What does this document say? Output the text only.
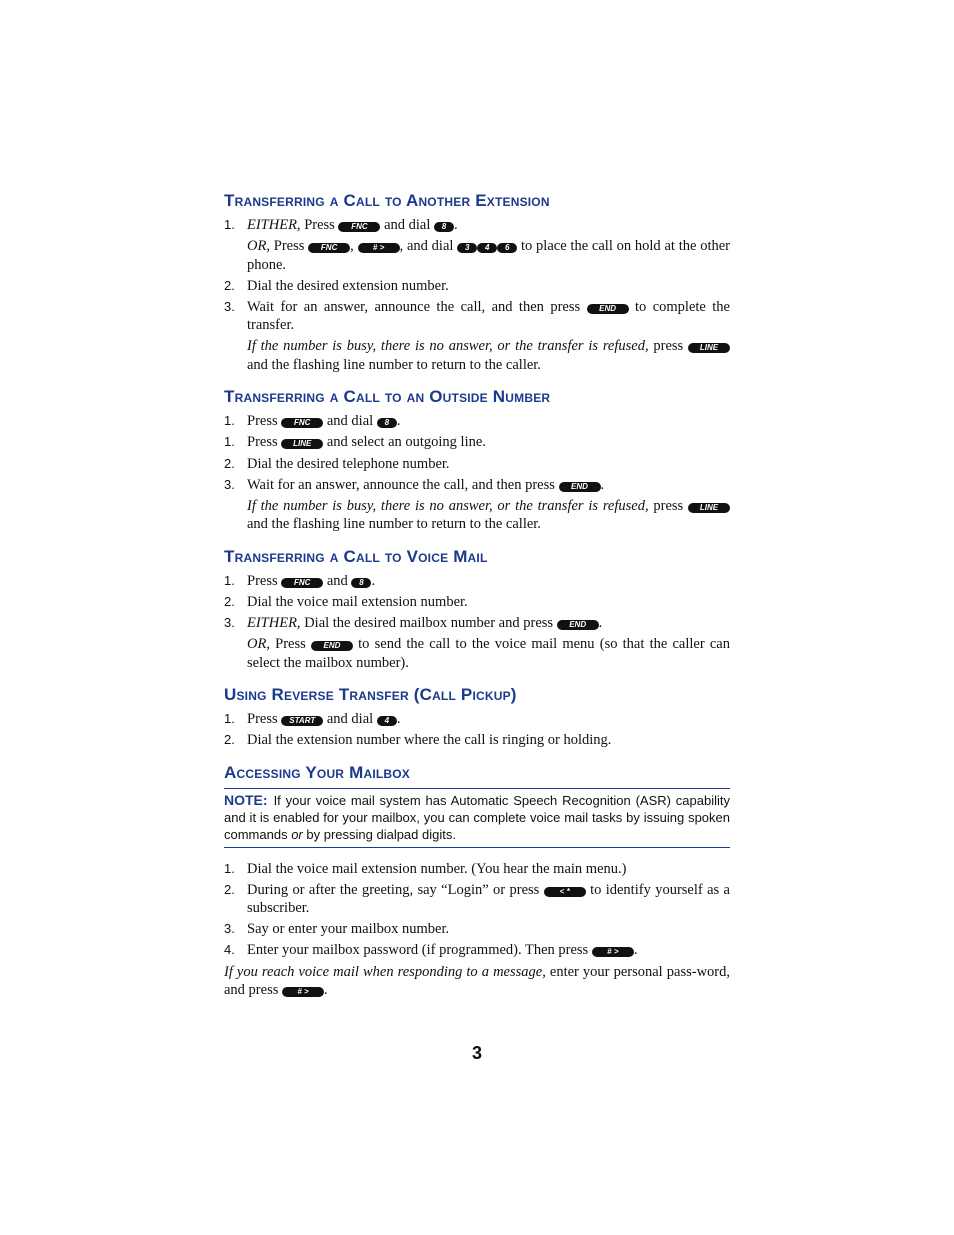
Transferring a Call to Another Extension
1. EITHER, Press FNC and dial 8 .
OR, Press FNC , # > , and dial 3 4 6 to place the call on hold at the other phone.
2. Dial the desired extension number.
3. Wait for an answer, announce the call, and then press END to complete the transfer.
If the number is busy, there is no answer, or the transfer is refused, press LINE and the flashing line number to return to the caller.
Transferring a Call to an Outside Number
1. Press FNC and dial 8 .
1. Press LINE and select an outgoing line.
2. Dial the desired telephone number.
3. Wait for an answer, announce the call, and then press END .
If the number is busy, there is no answer, or the transfer is refused, press LINE and the flashing line number to return to the caller.
Transferring a Call to Voice Mail
1. Press FNC and 8 .
2. Dial the voice mail extension number.
3. EITHER, Dial the desired mailbox number and press END .
OR, Press END to send the call to the voice mail menu (so that the caller can select the mailbox number).
Using Reverse Transfer (Call Pickup)
1. Press START and dial 4 .
2. Dial the extension number where the call is ringing or holding.
Accessing Your Mailbox
NOTE: If your voice mail system has Automatic Speech Recognition (ASR) capability and it is enabled for your mailbox, you can complete voice mail tasks by issuing spoken commands or by pressing dialpad digits.
1. Dial the voice mail extension number. (You hear the main menu.)
2. During or after the greeting, say “Login” or press < * to identify yourself as a subscriber.
3. Say or enter your mailbox number.
4. Enter your mailbox password (if programmed). Then press # > .
If you reach voice mail when responding to a message, enter your personal pass-word, and press # > .
3
